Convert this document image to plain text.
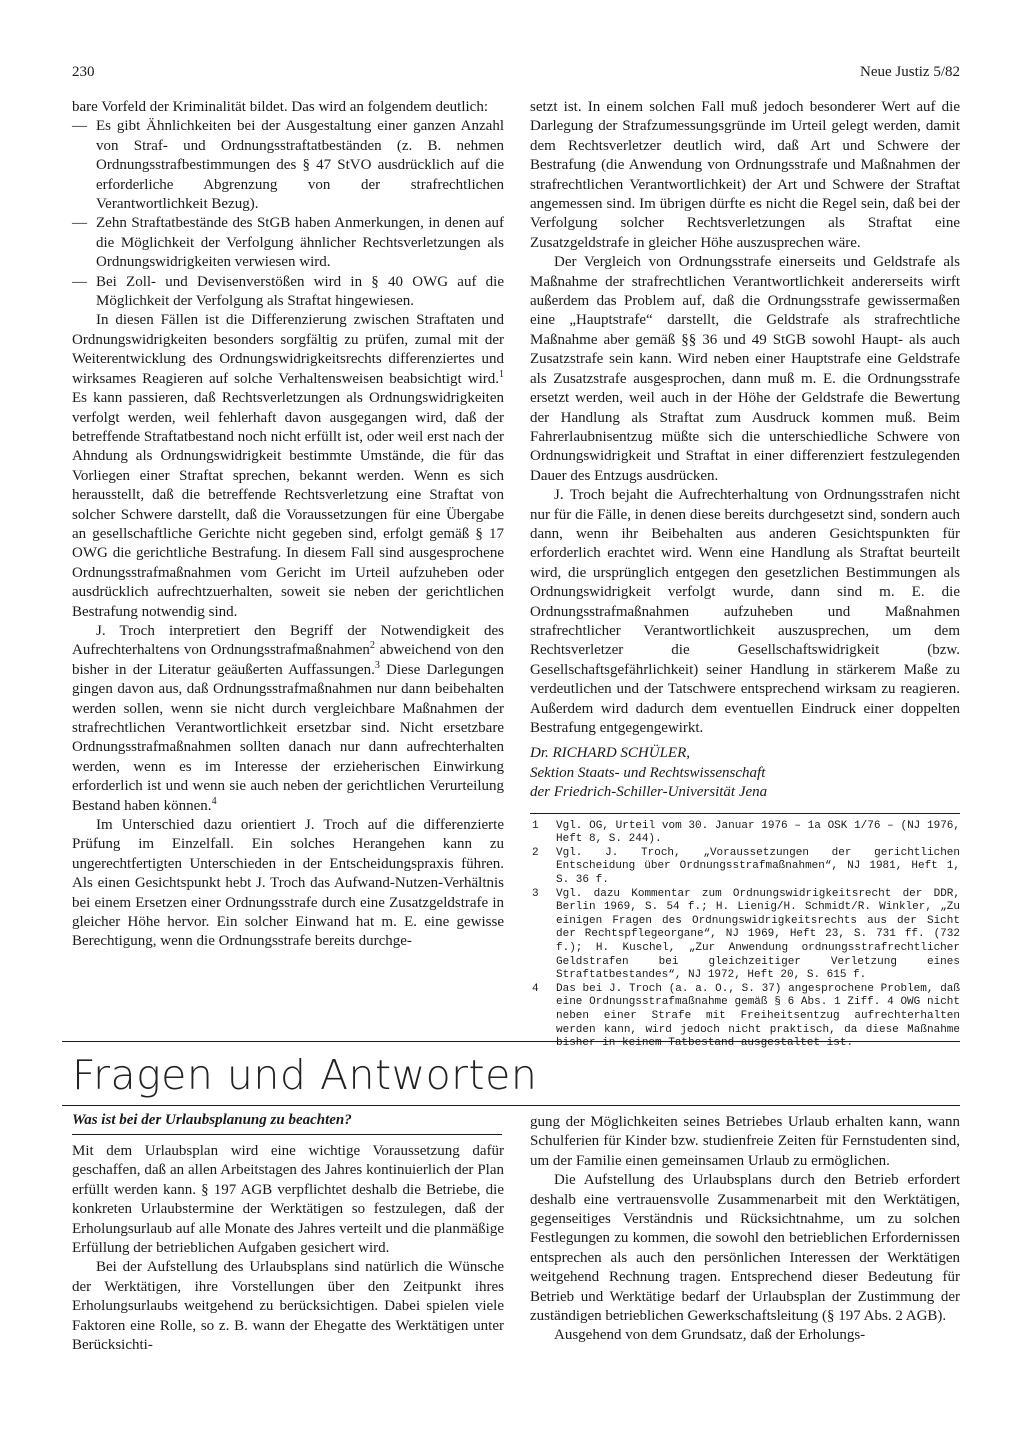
230	Neue Justiz 5/82

bare Vorfeld der Kriminalität bildet. Das wird an folgendem deutlich:

— Es gibt Ähnlichkeiten bei der Ausgestaltung einer ganzen Anzahl von Straf- und Ordnungsstraftatbeständen (z. B. nehmen Ordnungsstrafbestimmungen des § 47 StVO ausdrücklich auf die erforderliche Abgrenzung von der strafrechtlichen Verantwortlichkeit Bezug).
— Zehn Straftatbestände des StGB haben Anmerkungen, in denen auf die Möglichkeit der Verfolgung ähnlicher Rechtsverletzungen als Ordnungswidrigkeiten verwiesen wird.
— Bei Zoll- und Devisenverstößen wird in § 40 OWG auf die Möglichkeit der Verfolgung als Straftat hingewiesen.

In diesen Fällen ist die Differenzierung zwischen Straftaten und Ordnungswidrigkeiten besonders sorgfältig zu prüfen, zumal mit der Weiterentwicklung des Ordnungswidrigkeitsrechts differenziertes und wirksames Reagieren auf solche Verhaltensweisen beabsichtigt wird.$^1$ Es kann passieren, daß Rechtsverletzungen als Ordnungswidrigkeiten verfolgt werden, weil fehlerhaft davon ausgegangen wird, daß der betreffende Straftatbestand noch nicht erfüllt ist, oder weil erst nach der Ahndung als Ordnungswidrigkeit bestimmte Umstände, die für das Vorliegen einer Straftat sprechen, bekannt werden. Wenn es sich herausstellt, daß die betreffende Rechtsverletzung eine Straftat von solcher Schwere darstellt, daß die Voraussetzungen für eine Übergabe an gesellschaftliche Gerichte nicht gegeben sind, erfolgt gemäß § 17 OWG die gerichtliche Bestrafung. In diesem Fall sind ausgesprochene Ordnungsstrafmaßnahmen vom Gericht im Urteil aufzuheben oder ausdrücklich aufrechtzuerhalten, soweit sie neben der gerichtlichen Bestrafung notwendig sind.

J. Troch interpretiert den Begriff der Notwendigkeit des Aufrechterhaltens von Ordnungsstrafmaßnahmen$^2$ abweichend von den bisher in der Literatur geäußerten Auffassungen.$^3$ Diese Darlegungen gingen davon aus, daß Ordnungsstrafmaßnahmen nur dann beibehalten werden sollen, wenn sie nicht durch vergleichbare Maßnahmen der strafrechtlichen Verantwortlichkeit ersetzbar sind. Nicht ersetzbare Ordnungsstrafmaßnahmen sollten danach nur dann aufrechterhalten werden, wenn es im Interesse der erzieherischen Einwirkung erforderlich ist und wenn sie auch neben der gerichtlichen Verurteilung Bestand haben können.$^4$

Im Unterschied dazu orientiert J. Troch auf die differenzierte Prüfung im Einzelfall. Ein solches Herangehen kann zu ungerechtfertigten Unterschieden in der Entscheidungspraxis führen. Als einen Gesichtspunkt hebt J. Troch das Aufwand-Nutzen-Verhältnis bei einem Ersetzen einer Ordnungsstrafe durch eine Zusatzgeldstrafe in gleicher Höhe hervor. Ein solcher Einwand hat m. E. eine gewisse Berechtigung, wenn die Ordnungsstrafe bereits durchge-

setzt ist. In einem solchen Fall muß jedoch besonderer Wert auf die Darlegung der Strafzumessungsgründe im Urteil gelegt werden, damit dem Rechtsverletzer deutlich wird, daß Art und Schwere der Bestrafung (die Anwendung von Ordnungsstrafe und Maßnahmen der strafrechtlichen Verantwortlichkeit) der Art und Schwere der Straftat angemessen sind. Im übrigen dürfte es nicht die Regel sein, daß bei der Verfolgung solcher Rechtsverletzungen als Straftat eine Zusatzgeldstrafe in gleicher Höhe auszusprechen wäre.

Der Vergleich von Ordnungsstrafe einerseits und Geldstrafe als Maßnahme der strafrechtlichen Verantwortlichkeit andererseits wirft außerdem das Problem auf, daß die Ordnungsstrafe gewissermaßen eine „Hauptstrafe“ darstellt, die Geldstrafe als strafrechtliche Maßnahme aber gemäß §§ 36 und 49 StGB sowohl Haupt- als auch Zusatzstrafe sein kann. Wird neben einer Hauptstrafe eine Geldstrafe als Zusatzstrafe ausgesprochen, dann muß m. E. die Ordnungsstrafe ersetzt werden, weil auch in der Höhe der Geldstrafe die Bewertung der Handlung als Straftat zum Ausdruck kommen muß. Beim Fahrerlaubnisentzug müßte sich die unterschiedliche Schwere von Ordnungswidrigkeit und Straftat in einer differenziert festzulegenden Dauer des Entzugs ausdrücken.

J. Troch bejaht die Aufrechterhaltung von Ordnungsstrafen nicht nur für die Fälle, in denen diese bereits durchgesetzt sind, sondern auch dann, wenn ihr Beibehalten aus anderen Gesichtspunkten für erforderlich erachtet wird. Wenn eine Handlung als Straftat beurteilt wird, die ursprünglich entgegen den gesetzlichen Bestimmungen als Ordnungswidrigkeit verfolgt wurde, dann sind m. E. die Ordnungsstrafmaßnahmen aufzuheben und Maßnahmen strafrechtlicher Verantwortlichkeit auszusprechen, um dem Rechtsverletzer die Gesellschaftswidrigkeit (bzw. Gesellschaftsgefährlichkeit) seiner Handlung in stärkerem Maße zu verdeutlichen und der Tatschwere entsprechend wirksam zu reagieren. Außerdem wird dadurch dem eventuellen Eindruck einer doppelten Bestrafung entgegengewirkt.

Dr. RICHARD SCHÜLER,
Sektion Staats- und Rechtswissenschaft
der Friedrich-Schiller-Universität Jena
1 Vgl. OG, Urteil vom 30. Januar 1976 – 1a OSK 1/76 – (NJ 1976, Heft 8, S. 244).
2 Vgl. J. Troch, „Voraussetzungen der gerichtlichen Entscheidung über Ordnungsstrafmaßnahmen“, NJ 1981, Heft 1, S. 36 f.
3 Vgl. dazu Kommentar zum Ordnungswidrigkeitsrecht der DDR, Berlin 1969, S. 54 f.; H. Lienig/H. Schmidt/R. Winkler, „Zu einigen Fragen des Ordnungswidrigkeitsrechts aus der Sicht der Rechtspflegeorgane“, NJ 1969, Heft 23, S. 731 ff. (732 f.); H. Kuschel, „Zur Anwendung ordnungsstrafrechtlicher Geldstrafen bei gleichzeitiger Verletzung eines Straftatbestandes“, NJ 1972, Heft 20, S. 615 f.
4 Das bei J. Troch (a. a. O., S. 37) angesprochene Problem, daß eine Ordnungsstrafmaßnahme gemäß § 6 Abs. 1 Ziff. 4 OWG nicht neben einer Strafe mit Freiheitsentzug aufrechterhalten werden kann, wird jedoch nicht praktisch, da diese Maßnahme bisher in keinem Tatbestand ausgestaltet ist.
Fragen und Antworten
Was ist bei der Urlaubsplanung zu beachten?

Mit dem Urlaubsplan wird eine wichtige Voraussetzung dafür geschaffen, daß an allen Arbeitstagen des Jahres kontinuierlich der Plan erfüllt werden kann. § 197 AGB verpflichtet deshalb die Betriebe, die konkreten Urlaubstermine der Werktätigen so festzulegen, daß der Erholungsurlaub auf alle Monate des Jahres verteilt und die planmäßige Erfüllung der betrieblichen Aufgaben gesichert wird.

Bei der Aufstellung des Urlaubsplans sind natürlich die Wünsche der Werktätigen, ihre Vorstellungen über den Zeitpunkt ihres Erholungsurlaubs weitgehend zu berücksichtigen. Dabei spielen viele Faktoren eine Rolle, so z. B. wann der Ehegatte des Werktätigen unter Berücksichti-

gung der Möglichkeiten seines Betriebes Urlaub erhalten kann, wann Schulferien für Kinder bzw. studienfreie Zeiten für Fernstudenten sind, um der Familie einen gemeinsamen Urlaub zu ermöglichen.

Die Aufstellung des Urlaubsplans durch den Betrieb erfordert deshalb eine vertrauensvolle Zusammenarbeit mit den Werktätigen, gegenseitiges Verständnis und Rücksichtnahme, um zu solchen Festlegungen zu kommen, die sowohl den betrieblichen Erfordernissen entsprechen als auch den persönlichen Interessen der Werktätigen weitgehend Rechnung tragen. Entsprechend dieser Bedeutung für Betrieb und Werktätige bedarf der Urlaubsplan der Zustimmung der zuständigen betrieblichen Gewerkschaftsleitung (§ 197 Abs. 2 AGB).

Ausgehend von dem Grundsatz, daß der Erholungs-
